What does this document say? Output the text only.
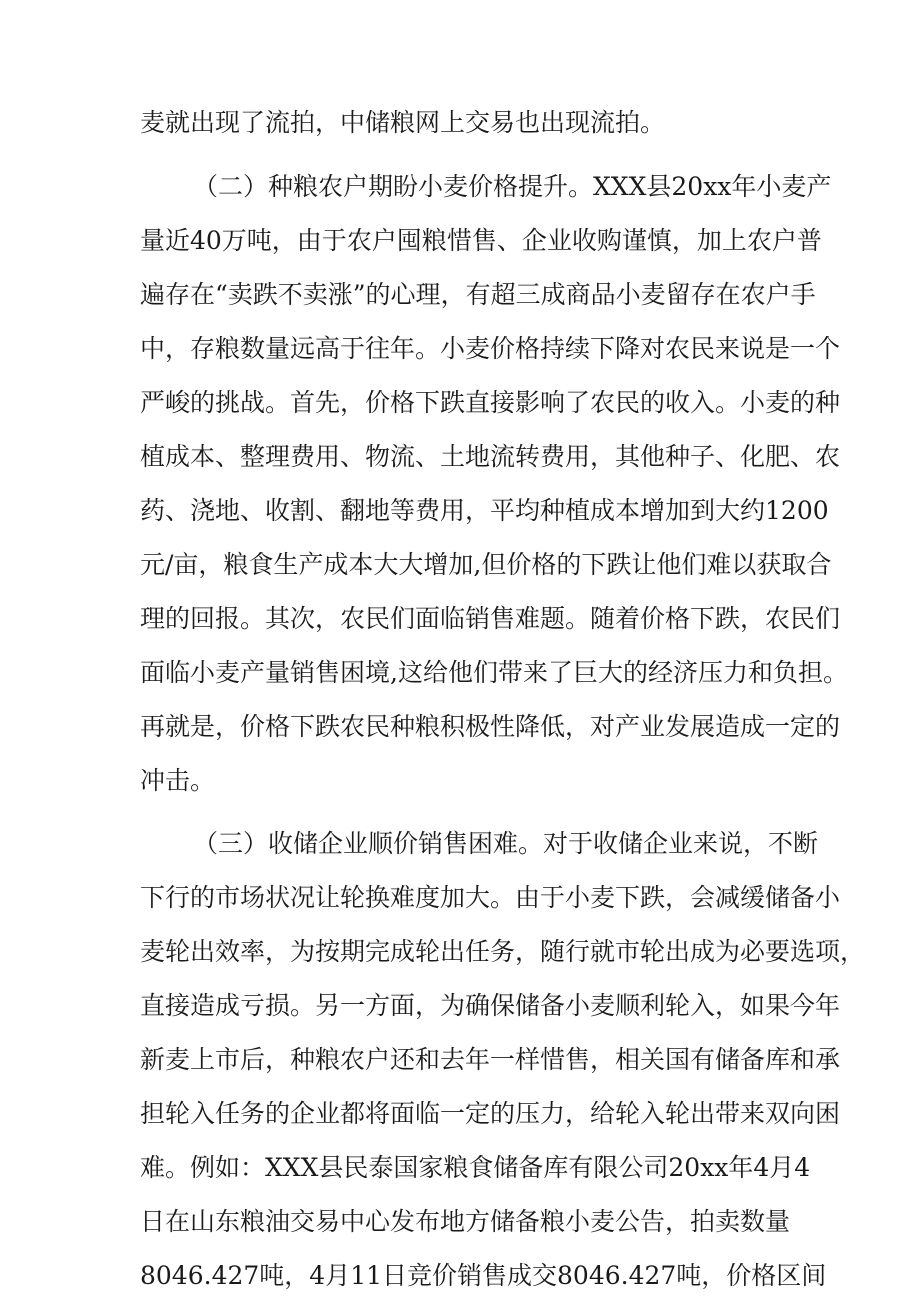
麦就出现了流拍，中储粮网上交易也出现流拍。

（二）种粮农户期盼小麦价格提升。XXX县20xx年小麦产

量近40万吨，由于农户囤粮惜售、企业收购谨慎，加上农户普

遍存在“卖跌不卖涨”的心理，有超三成商品小麦留存在农户手

中，存粮数量远高于往年。小麦价格持续下降对农民来说是一个

严峻的挑战。首先，价格下跌直接影响了农民的收入。小麦的种

植成本、整理费用、物流、土地流转费用，其他种子、化肥、农

药、浇地、收割、翻地等费用，平均种植成本增加到大约1200

元/亩，粮食生产成本大大增加,但价格的下跌让他们难以获取合

理的回报。其次，农民们面临销售难题。随着价格下跌，农民们

面临小麦产量销售困境,这给他们带来了巨大的经济压力和负担。

再就是，价格下跌农民种粮积极性降低，对产业发展造成一定的

冲击。

（三）收储企业顺价销售困难。对于收储企业来说，不断

下行的市场状况让轮换难度加大。由于小麦下跌，会减缓储备小

麦轮出效率，为按期完成轮出任务，随行就市轮出成为必要选项，

直接造成亏损。另一方面，为确保储备小麦顺利轮入，如果今年

新麦上市后，种粮农户还和去年一样惜售，相关国有储备库和承

担轮入任务的企业都将面临一定的压力，给轮入轮出带来双向困

难。例如：XXX县民泰国家粮食储备库有限公司20xx年4月4

日在山东粮油交易中心发布地方储备粮小麦公告，拍卖数量

8046.427吨，4月11日竞价销售成交8046.427吨，价格区间
